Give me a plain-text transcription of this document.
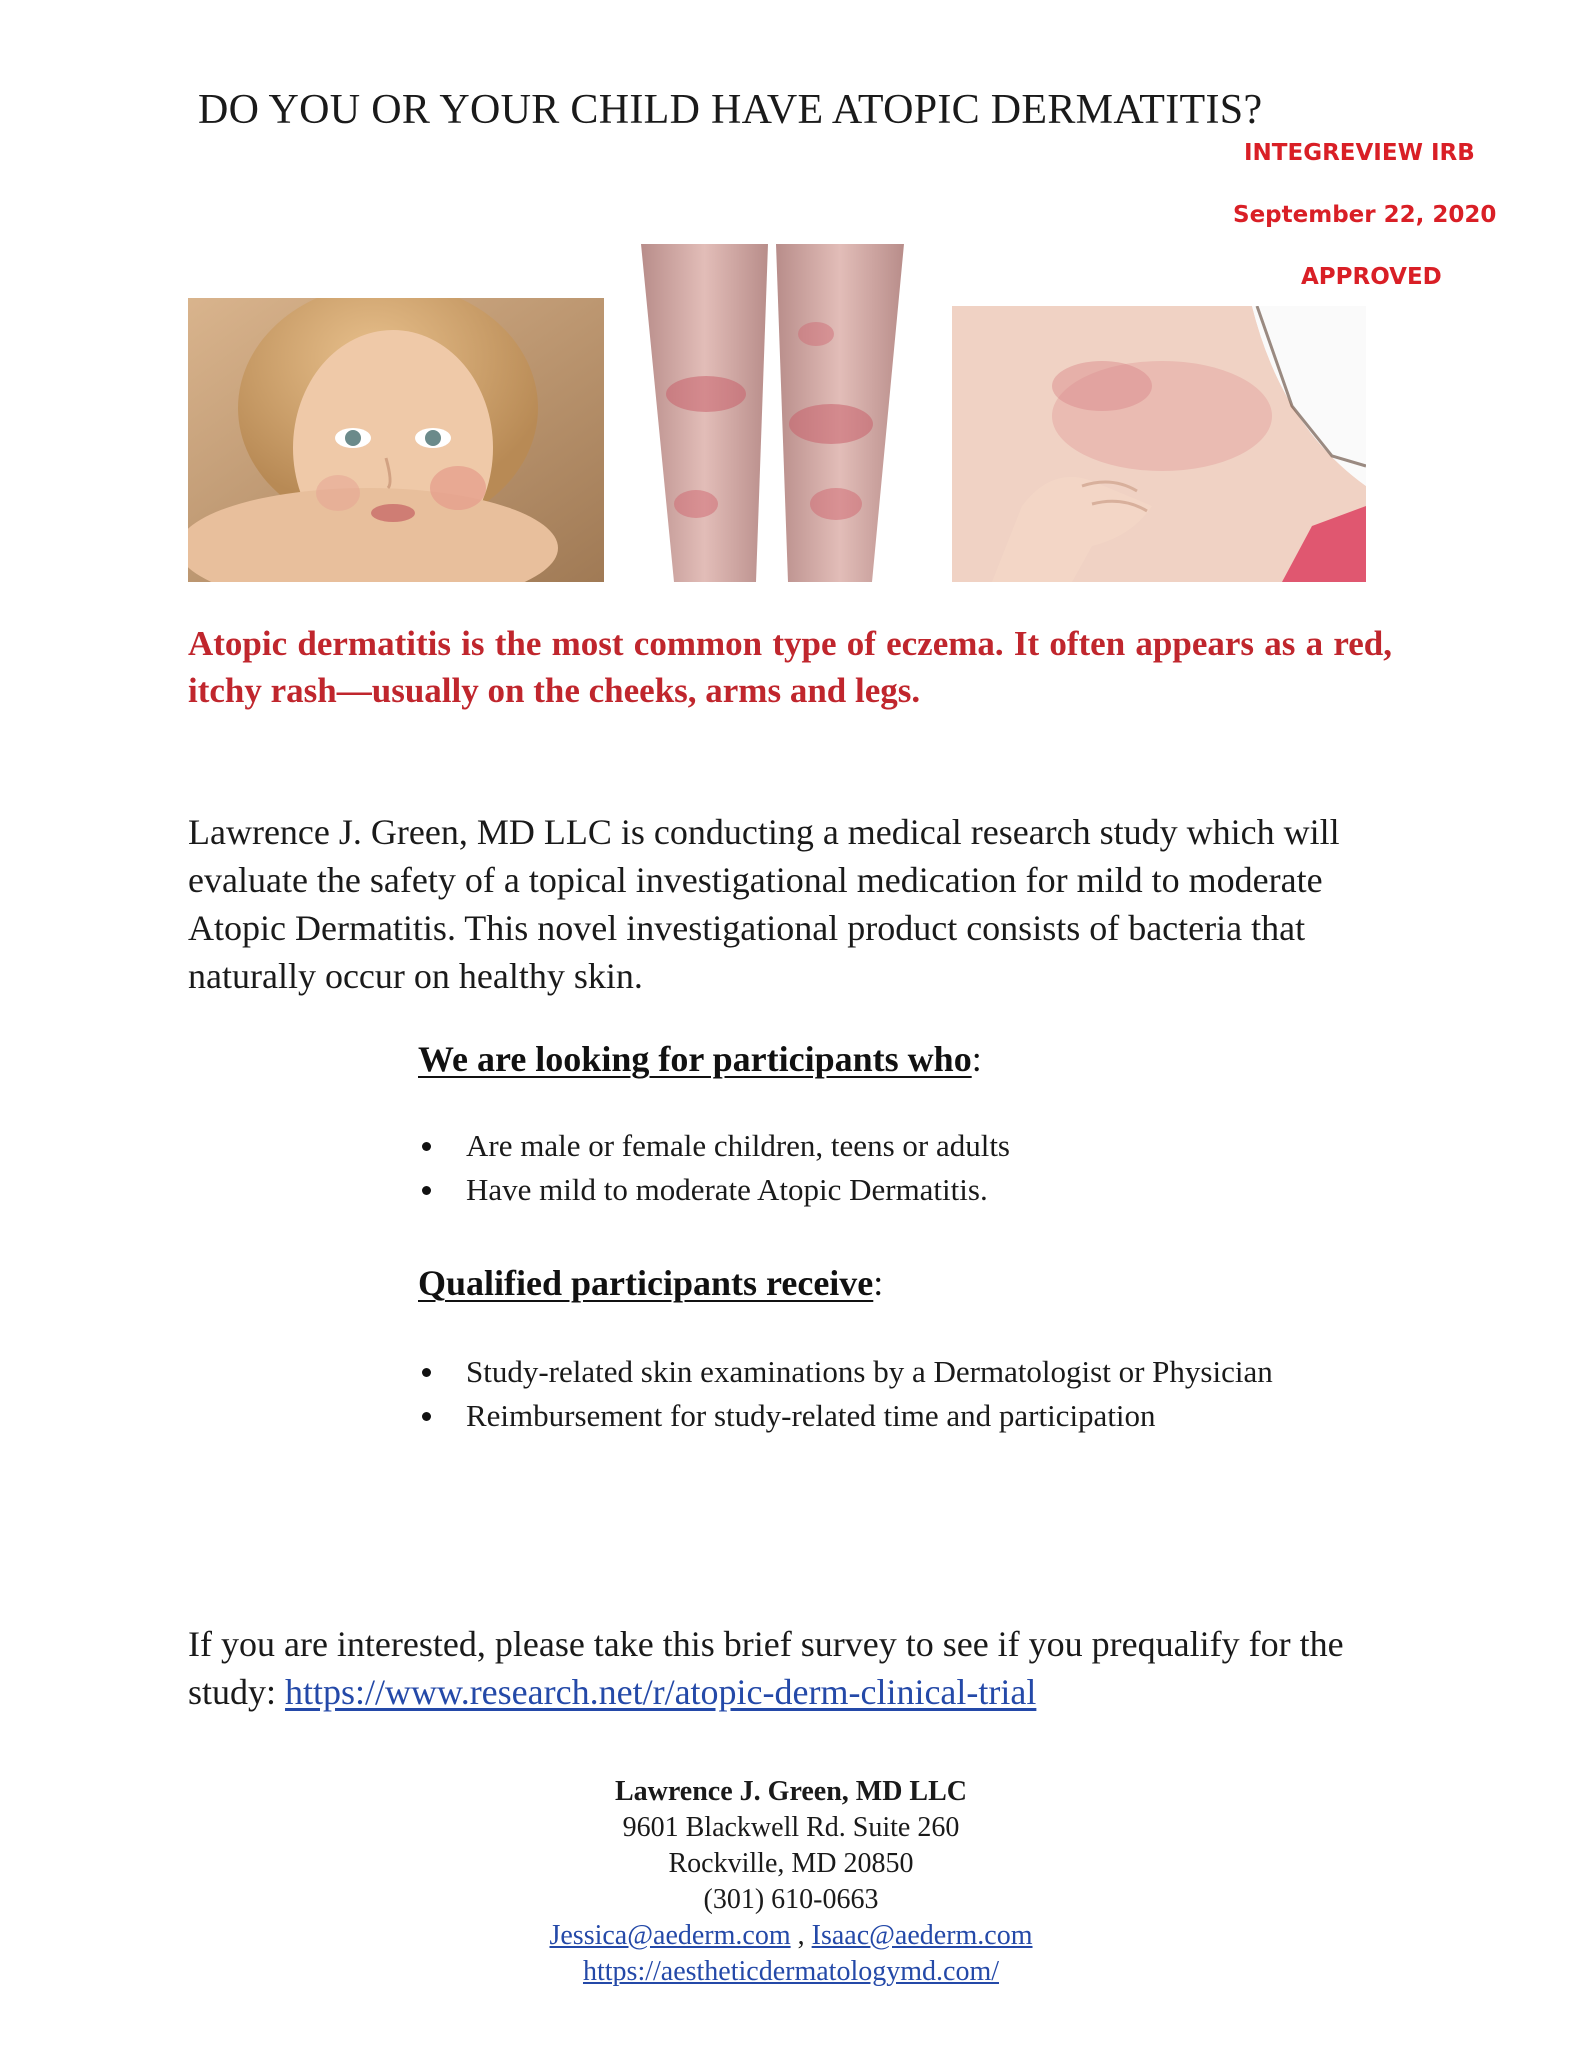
DO YOU OR YOUR CHILD HAVE ATOPIC DERMATITIS?
INTEGREVIEW IRB
September 22, 2020
APPROVED
Atopic dermatitis is the most common type of eczema. It often appears as a red, itchy rash—usually on the cheeks, arms and legs.
Lawrence J. Green, MD LLC is conducting a medical research study which will evaluate the safety of a topical investigational medication for mild to moderate Atopic Dermatitis. This novel investigational product consists of bacteria that naturally occur on healthy skin.
We are looking for participants who:
Are male or female children, teens or adults
Have mild to moderate Atopic Dermatitis.
Qualified participants receive:
Study-related skin examinations by a Dermatologist or Physician
Reimbursement for study-related time and participation
If you are interested, please take this brief survey to see if you prequalify for the study: https://www.research.net/r/atopic-derm-clinical-trial
Lawrence J. Green, MD LLC
9601 Blackwell Rd. Suite 260
Rockville, MD 20850
(301) 610-0663
Jessica@aederm.com , Isaac@aederm.com
https://aestheticdermatologymd.com/
